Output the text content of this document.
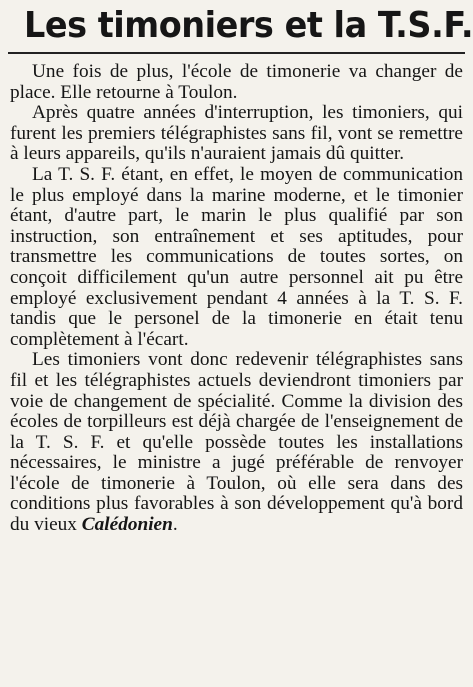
Les timoniers et la T.S.F.

Une fois de plus, l'école de timonerie va changer de place. Elle retourne à Toulon.

Après quatre années d'interruption, les timoniers, qui furent les premiers télégraphistes sans fil, vont se remettre à leurs appareils, qu'ils n'auraient jamais dû quitter.

La T. S. F. étant, en effet, le moyen de communication le plus employé dans la marine moderne, et le timonier étant, d'autre part, le marin le plus qualifié par son instruction, son entraînement et ses aptitudes, pour transmettre les communications de toutes sortes, on conçoit difficilement qu'un autre personnel ait pu être employé exclusivement pendant 4 années à la T. S. F. tandis que le personel de la timonerie en était tenu complètement à l'écart.

Les timoniers vont donc redevenir télégraphistes sans fil et les télégraphistes actuels deviendront timoniers par voie de changement de spécialité. Comme la division des écoles de torpilleurs est déjà chargée de l'enseignement de la T. S. F. et qu'elle possède toutes les installations nécessaires, le ministre a jugé préférable de renvoyer l'école de timonerie à Toulon, où elle sera dans des conditions plus favorables à son développement qu'à bord du vieux Calédonien.
